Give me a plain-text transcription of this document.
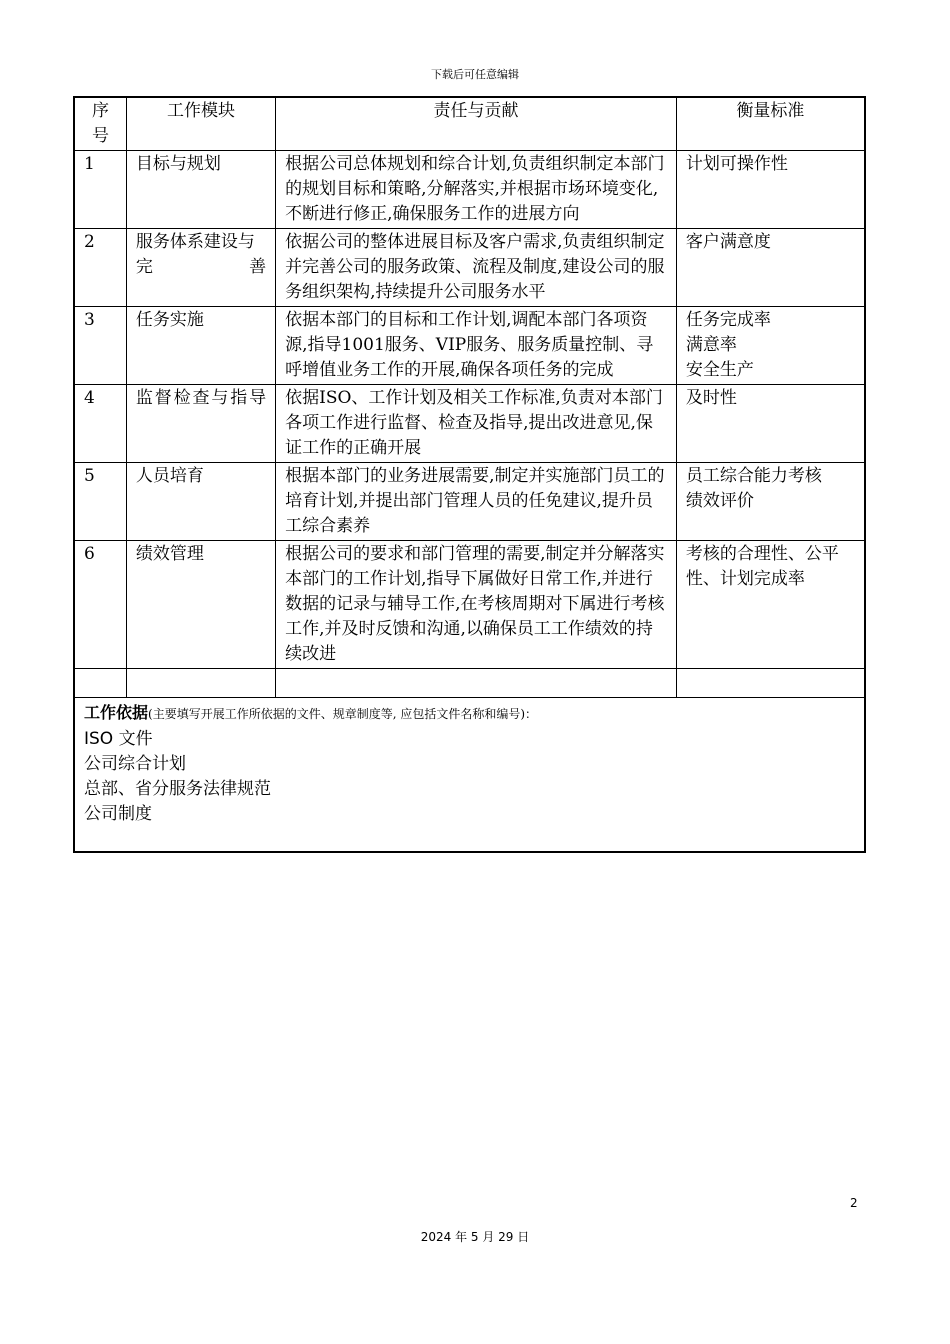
下载后可任意编辑
序号	工作模块	责任与贡献	衡量标准
1	目标与规划	根据公司总体规划和综合计划,负责组织制定本部门的规划目标和策略,分解落实,并根据市场环境变化,不断进行修正,确保服务工作的进展方向	计划可操作性

2	服务体系建设与完善	依据公司的整体进展目标及客户需求,负责组织制定并完善公司的服务政策、流程及制度,建设公司的服务组织架构,持续提升公司服务水平	客户满意度

3	任务实施	依据本部门的目标和工作计划,调配本部门各项资源,指导1001服务、VIP服务、服务质量控制、寻呼增值业务工作的开展,确保各项任务的完成	任务完成率
满意率
安全生产

4	监督检查与指导	依据ISO、工作计划及相关工作标准,负责对本部门各项工作进行监督、检查及指导,提出改进意见,保证工作的正确开展	及时性

5	人员培育	根据本部门的业务进展需要,制定并实施部门员工的培育计划,并提出部门管理人员的任免建议,提升员工综合素养	员工综合能力考核
绩效评价

6	绩效管理	根据公司的要求和部门管理的需要,制定并分解落实本部门的工作计划,指导下属做好日常工作,并进行数据的记录与辅导工作,在考核周期对下属进行考核工作,并及时反馈和沟通,以确保员工工作绩效的持续改进	考核的合理性、公平性、计划完成率

工作依据(主要填写开展工作所依据的文件、规章制度等, 应包括文件名称和编号)：
ISO 文件
公司综合计划
总部、省分服务法律规范
公司制度			
2
2024 年 5 月 29 日
